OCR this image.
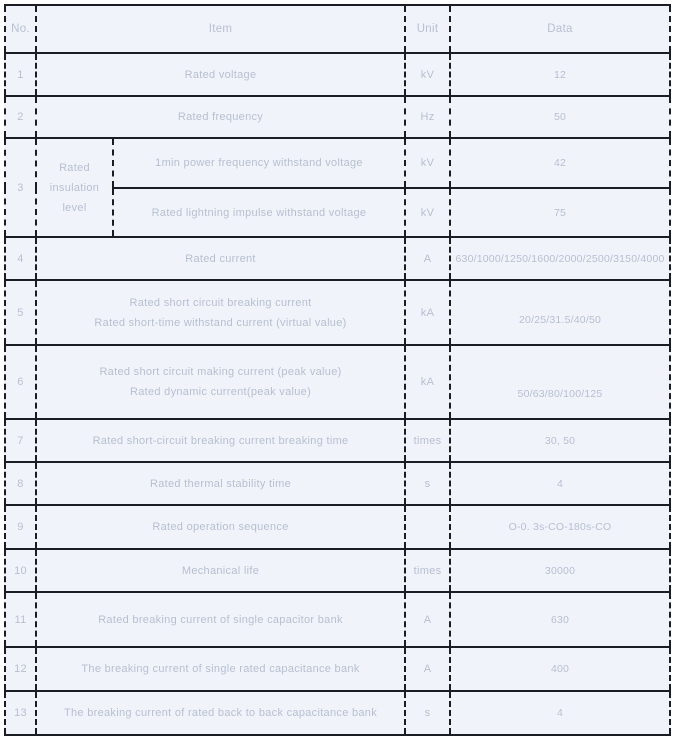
No.	Item		Unit	Data
1	Rated voltage		kV	12
2	Rated frequency		Hz	50
3	Rated insulation level	1min power frequency withstand voltage	kV	42

		Rated lightning impulse withstand voltage	kV	75
4	Rated current		A	630/1000/1250/1600/2000/2500/3150/4000
5	Rated short circuit breaking current
Rated short-time withstand current (virtual value)		kA	20/25/31.5/40/50
6	Rated short circuit making current (peak value)
Rated dynamic current(peak value)		kA	50/63/80/100/125
7	Rated short-circuit breaking current breaking time		times	30, 50
8	Rated thermal stability time		s	4
9	Rated operation sequence			O-0. 3s-CO-180s-CO
10	Mechanical life		times	30000
11	Rated breaking current of single capacitor bank		A	630
12	The breaking current of single rated capacitance bank		A	400
13	The breaking current of rated back to back capacitance bank		s	4
